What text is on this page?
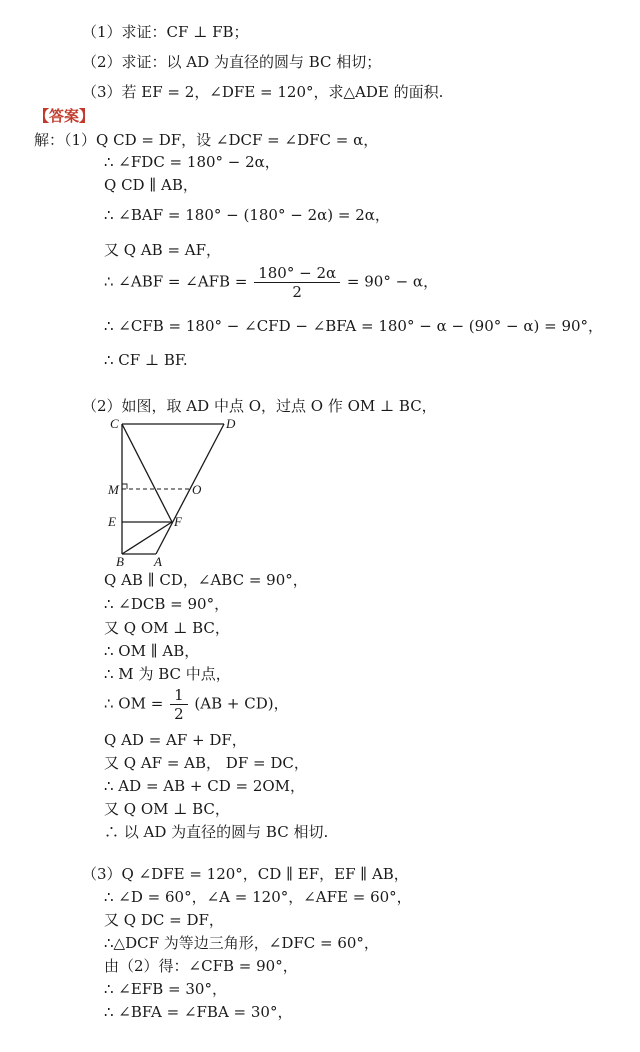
（1）求证：CF ⊥ FB；
（2）求证：以 AD 为直径的圆与 BC 相切；
（3）若 EF = 2，∠DFE = 120°，求△ADE 的面积.
【答案】
解：（1）Q CD = DF，设 ∠DCF = ∠DFC = α，
∴ ∠FDC = 180° − 2α，
Q CD ∥ AB，
∴ ∠BAF = 180° − (180° − 2α) = 2α，
又 Q AB = AF，
∴ ∠ABF = ∠AFB = $\frac{180^\circ - 2\alpha}{2} = 90^\circ - \alpha$，
∴ ∠CFB = 180° − ∠CFD − ∠BFA = 180° − α − (90° − α) = 90°，
∴ CF ⊥ BF.
（2）如图，取 AD 中点 O，过点 O 作 OM ⊥ BC，
C	D
M	O
E	F
B A
Q AB ∥ CD，∠ABC = 90°，
∴ ∠DCB = 90°，
又 Q OM ⊥ BC，
∴ OM ∥ AB，
∴ M 为 BC 中点，
∴ OM = $\frac{1}{2} (AB + CD)$，
Q AD = AF + DF，
又 Q AF = AB， DF = DC，
∴ AD = AB + CD = 2OM，
又 Q OM ⊥ BC，
∴ 以 AD 为直径的圆与 BC 相切.
（3）Q ∠DFE = 120°，CD ∥ EF，EF ∥ AB，
∴ ∠D = 60°，∠A = 120°，∠AFE = 60°，
又 Q DC = DF，
∴△DCF 为等边三角形，∠DFC = 60°，
由（2）得：∠CFB = 90°，
∴ ∠EFB = 30°，
∴ ∠BFA = ∠FBA = 30°，
